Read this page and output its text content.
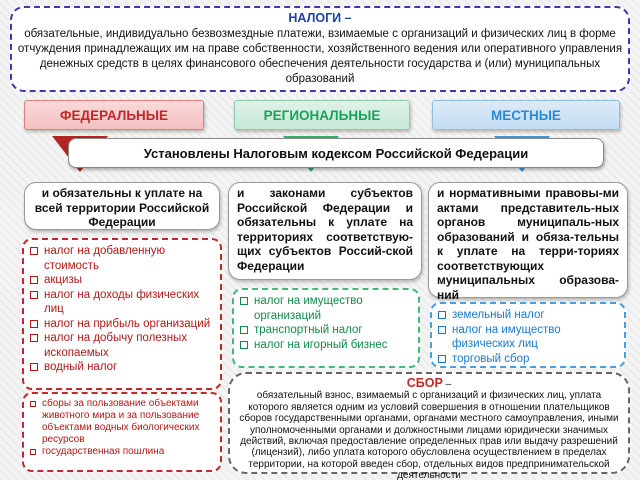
НАЛОГИ –
обязательные, индивидуально безвозмездные платежи, взимаемые с организаций и физических лиц в форме отчуждения принадлежащих им на праве собственности, хозяйственного ведения или оперативного управления денежных средств в целях финансового обеспечения деятельности государства и (или) муниципальных образований
ФЕДЕРАЛЬНЫЕ	РЕГИОНАЛЬНЫЕ	МЕСТНЫЕ
Установлены Налоговым кодексом Российской Федерации
и обязательны к уплате на всей территории Российской Федерации
и законами субъектов Российской Федерации и обязательны к уплате на территориях соответствую-щих субъектов Россий-ской Федерации
и нормативными правовы-ми актами представитель-ных органов муниципаль-ных образований и обяза-тельны к уплате на терри-ториях соответствующих муниципальных образова-ний
налог на добавленную стоимость
акцизы
налог на доходы физических лиц
налог на прибыль организаций
налог на добычу полезных ископаемых
водный налог
налог на имущество организаций
транспортный налог
налог на игорный бизнес
земельный налог
налог на имущество физических лиц
торговый сбор
сборы за пользование объектами животного мира и за пользование объектами водных биологических ресурсов
государственная пошлина
СБОР –
обязательный взнос, взимаемый с организаций и физических лиц, уплата которого является одним из условий совершения в отношении плательщиков сборов государственными органами, органами местного самоуправления, иными уполномоченными органами и должностными лицами юридически значимых действий, включая предоставление определенных прав или выдачу разрешений (лицензий), либо уплата которого обусловлена осуществлением в пределах территории, на которой введен сбор, отдельных видов предпринимательской деятельности
